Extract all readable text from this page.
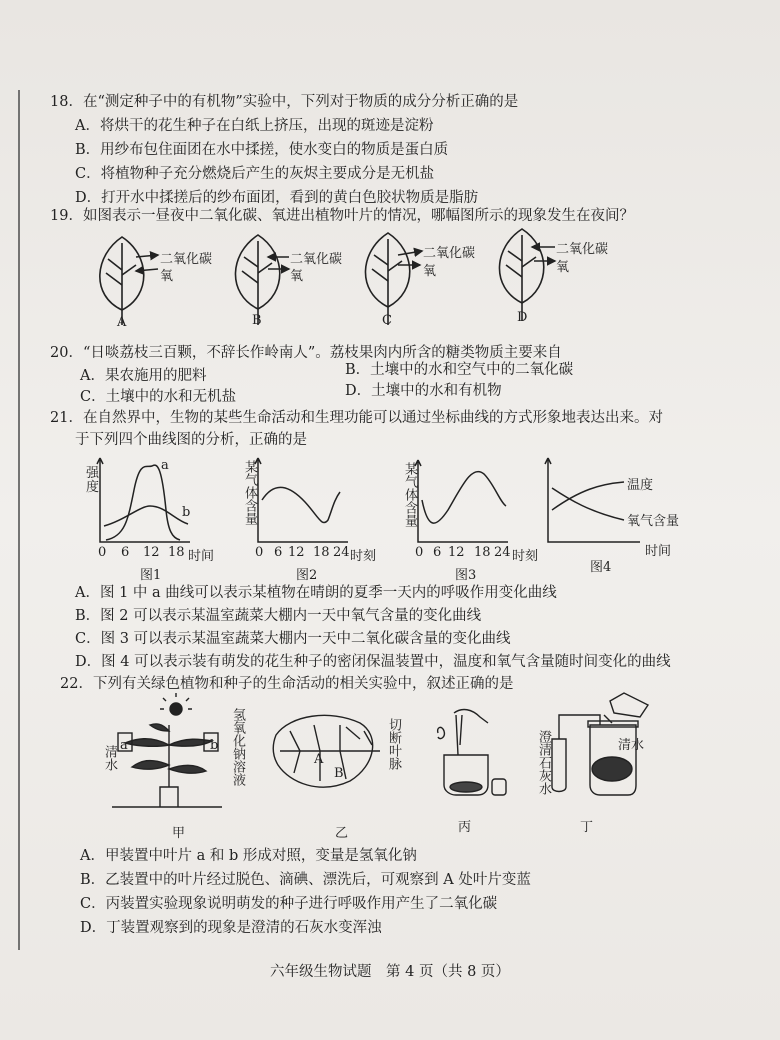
18．在“测定种子中的有机物”实验中，下列对于物质的成分分析正确的是
A．将烘干的花生种子在白纸上挤压，出现的斑迹是淀粉
B．用纱布包住面团在水中揉搓，使水变白的物质是蛋白质
C．将植物种子充分燃烧后产生的灰烬主要成分是无机盐
D．打开水中揉搓后的纱布面团，看到的黄白色胶状物质是脂肪
19．如图表示一昼夜中二氧化碳、氧进出植物叶片的情况，哪幅图所示的现象发生在夜间？
二氧化碳
氧
二氧化碳
氧
二氧化碳
氧
二氧化碳
氧
A	B	C	D
20．“日啖荔枝三百颗，不辞长作岭南人”。荔枝果肉内所含的糖类物质主要来自
A．果农施用的肥料	B．土壤中的水和空气中的二氧化碳
C．土壤中的水和无机盐	D．土壤中的水和有机物
21．在自然界中，生物的某些生命活动和生理功能可以通过坐标曲线的方式形象地表达出来。对
于下列四个曲线图的分析，正确的是
强
度
a
b
0 6 12 18 时间
图1
某气体含量
0 6 12 18 24 时刻
图2
某气体含量
0 6 12 18 24 时刻
图3
温度
氧气含量
时间
图4
A．图 1 中 a 曲线可以表示某植物在晴朗的夏季一天内的呼吸作用变化曲线
B．图 2 可以表示某温室蔬菜大棚内一天中氧气含量的变化曲线
C．图 3 可以表示某温室蔬菜大棚内一天中二氧化碳含量的变化曲线
D．图 4 可以表示装有萌发的花生种子的密闭保温装置中，温度和氧气含量随时间变化的曲线
22．下列有关绿色植物和种子的生命活动的相关实验中，叙述正确的是
氢氧化钠溶液
清水 a	b	切断叶脉
A
B	澄清石灰水	清水
甲	乙	丙	丁
A．甲装置中叶片 a 和 b 形成对照，变量是氢氧化钠
B．乙装置中的叶片经过脱色、滴碘、漂洗后，可观察到 A 处叶片变蓝
C．丙装置实验现象说明萌发的种子进行呼吸作用产生了二氧化碳
D．丁装置观察到的现象是澄清的石灰水变浑浊
六年级生物试题　第 4 页（共 8 页）
